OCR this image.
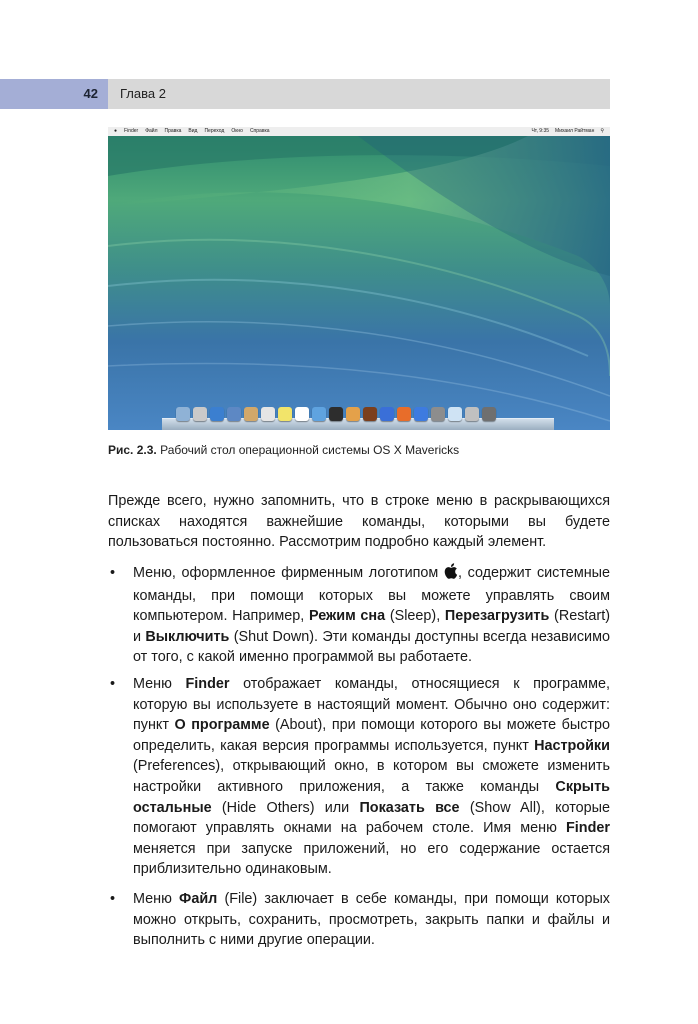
42 Глава 2
● Finder Файл Правка Вид Переход Окно Справка	Чт, 9:35 Михаил Райтман ⚲
Рис. 2.3. Рабочий стол операционной системы OS X Mavericks
Прежде всего, нужно запомнить, что в строке меню в раскрывающихся списках находятся важнейшие команды, которыми вы будете пользоваться постоянно. Рассмотрим подробно каждый элемент.
• Меню, оформленное фирменным логотипом , содержит системные команды, при помощи которых вы можете управлять своим компьютером. Например, Режим сна (Sleep), Перезагрузить (Restart) и Выключить (Shut Down). Эти команды доступны всегда независимо от того, с какой именно программой вы работаете.
• Меню Finder отображает команды, относящиеся к программе, которую вы используете в настоящий момент. Обычно оно содержит: пункт О программе (About), при помощи которого вы можете быстро определить, какая версия программы используется, пункт Настройки (Preferences), открывающий окно, в котором вы сможете изменить настройки активного приложения, а также команды Скрыть остальные (Hide Others) или Показать все (Show All), которые помогают управлять окнами на рабочем столе. Имя меню Finder меняется при запуске приложений, но его содержание остается приблизительно одинаковым.
• Меню Файл (File) заключает в себе команды, при помощи которых можно открыть, сохранить, просмотреть, закрыть папки и файлы и выполнить с ними другие операции.
